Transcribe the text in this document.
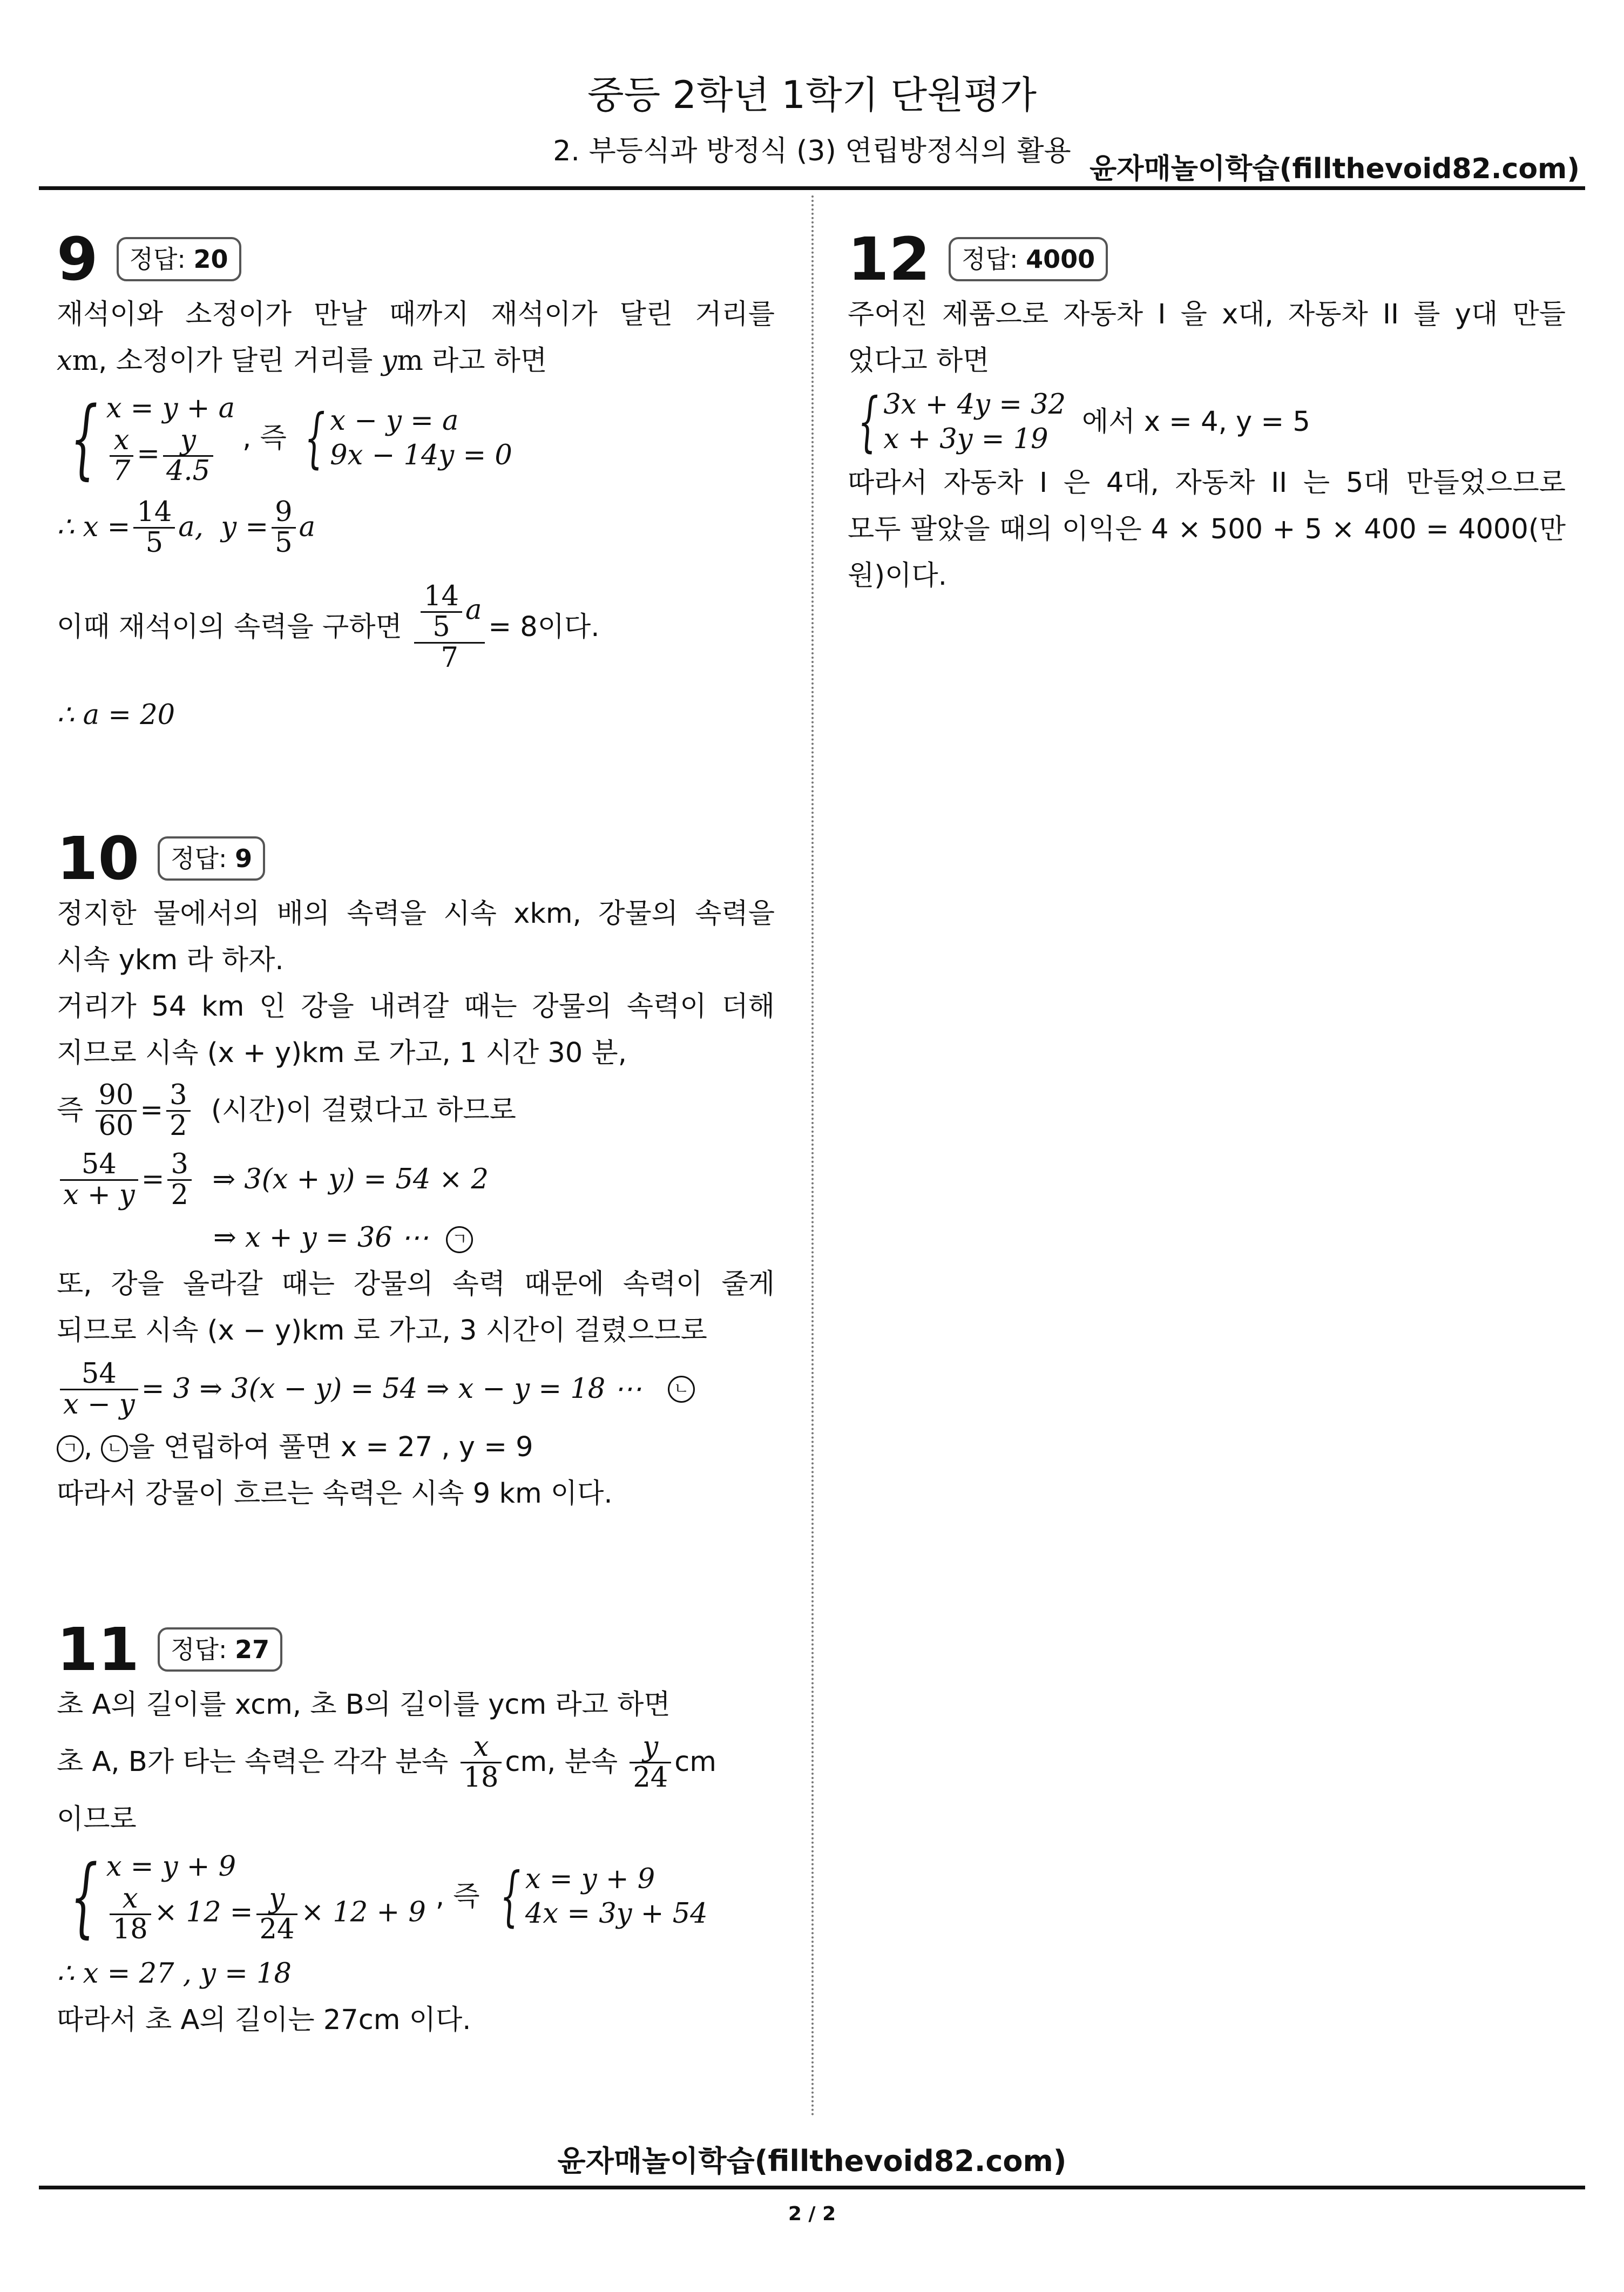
중등 2학년 1학기 단원평가
2. 부등식과 방정식 (3) 연립방정식의 활용
윤자매놀이학습(fillthevoid82.com)
9	정답: 20
재석이와 소정이가 만날 때까지 재석이가 달린 거리를
xm, 소정이가 달린 거리를 ym 라고 하면
{ x = y + a
$\frac{x}{7} = \frac{y}{4.5}$ , 즉 { x − y = a
9x − 14y = 0
∴ $x = \frac{14}{5} a$,
$y = \frac{9}{5}$ a
이때 재석이의 속력을 구하면
$\frac{\frac{14}{5} a}{7} = 8$이다.
∴ a = 20
10	정답: 9
정지한 물에서의 배의 속력을 시속 xkm, 강물의 속력을
시속 ykm 라 하자.
거리가 54 km 인 강을 내려갈 때는 강물의 속력이 더해
지므로 시속 (x + y)km 로 가고, 1 시간 30 분,
즉
$\frac{90}{60} = \frac{3}{2}$
(시간)이 걸렸다고 하므로
$\frac{54}{x + y} = \frac{3}{2}$
⇒ 3(x + y) = 54 × 2
⇒ x + y = 36 ⋯ ㄱ
또, 강을 올라갈 때는 강물의 속력 때문에 속력이 줄게
되므로 시속 (x − y)km 로 가고, 3 시간이 걸렸으므로
$\frac{54}{x - y} = 3$ ⇒ 3(x − y) = 54 ⇒ x − y = 18 ⋯
	ㄴ
ㄱ , ㄴ 을 연립하여 풀면 x = 27 , y = 9
따라서 강물이 흐르는 속력은 시속 9 km 이다.
11	정답: 27
초 A의 길이를 xcm, 초 B의 길이를 ycm 라고 하면
초 A, B가 타는 속력은 각각 분속
$\frac{x}{18}$ cm, 분속
$\frac{y}{24}$ cm
이므로
{ x = y + 9
$\frac{x}{18} \times 12 = \frac{y}{24} \times 12 + 9$ , 즉 { x = y + 9
4x = 3y + 54
∴ x = 27 , y = 18
따라서 초 A의 길이는 27cm 이다.
12	정답: 4000
주어진 제품으로 자동차 I 을 x대, 자동차 II 를 y대 만들
었다고 하면
{ 3x + 4y = 32
x + 3y = 19
에서 x = 4, y = 5
따라서 자동차 I 은 4대, 자동차 II 는 5대 만들었으므로
모두 팔았을 때의 이익은 4 × 500 + 5 × 400 = 4000(만
원)이다.
윤자매놀이학습(fillthevoid82.com)
2 / 2
